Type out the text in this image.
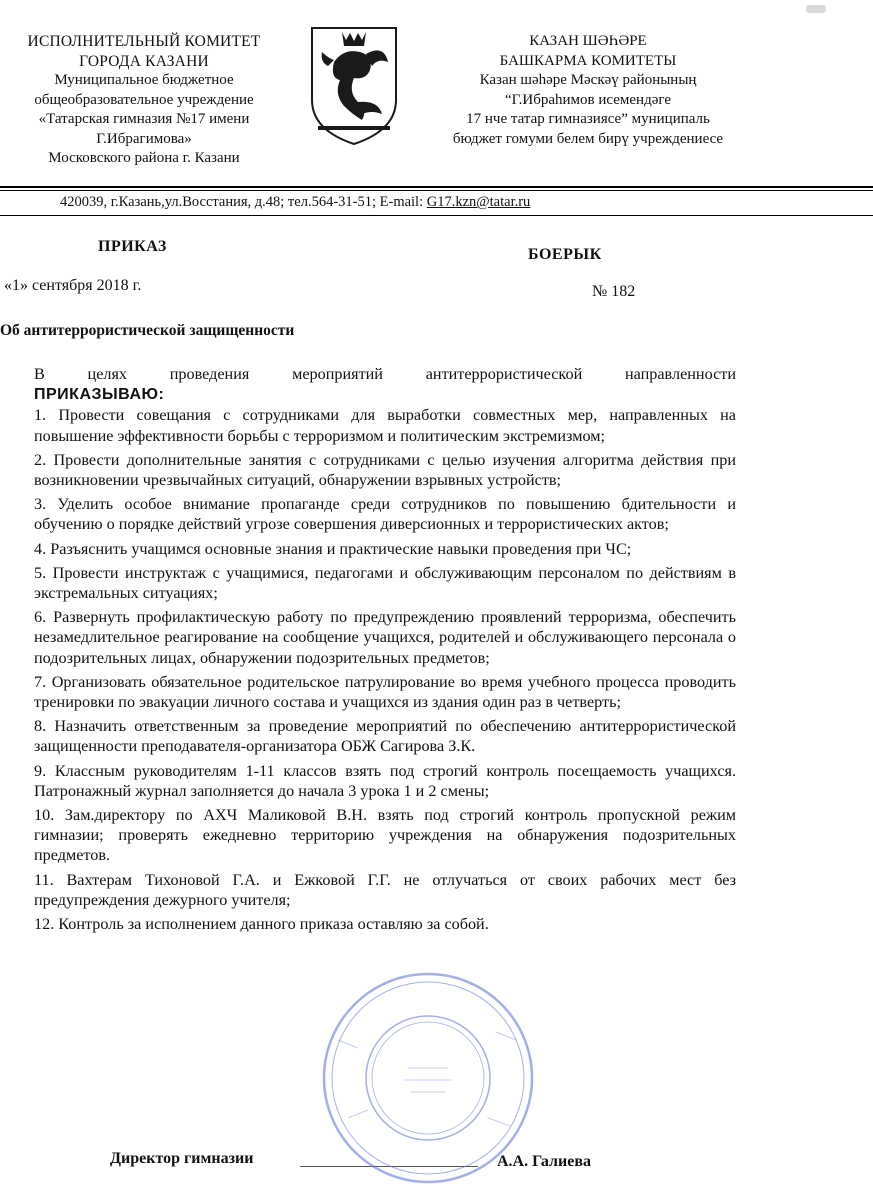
ИСПОЛНИТЕЛЬНЫЙ КОМИТЕТ
ГОРОДА КАЗАНИ
Муниципальное бюджетное
общеобразовательное учреждение
«Татарская гимназия №17 имени
Г.Ибрагимова»
Московского района г. Казани
КАЗАН ШӘҺӘРЕ
БАШКАРМА КОМИТЕТЫ
Казан шәһәре Мәскәү районының
“Г.Ибраһимов исемендәге
17 нче татар гимназиясе” муниципаль
бюджет гомуми белем бирү учреждениесе
420039, г.Казань,ул.Восстания, д.48; тел.564-31-51; E-mail: G17.kzn@tatar.ru
ПРИКАЗ	БОЕРЫК
«1» сентября 2018 г.	№ 182
Об антитеррористической защищенности

В целях проведения мероприятий антитеррористической направленности

ПРИКАЗЫВАЮ:

1. Провести совещания с сотрудниками для выработки совместных мер, направленных на повышение эффективности борьбы с терроризмом и политическим экстремизмом;

2. Провести дополнительные занятия с сотрудниками с целью изучения алгоритма действия при возникновении чрезвычайных ситуаций, обнаружении взрывных устройств;

3. Уделить особое внимание пропаганде среди сотрудников по повышению бдительности и обучению о порядке действий угрозе совершения диверсионных и террористических актов;

4. Разъяснить учащимся основные знания и практические навыки проведения при ЧС;

5. Провести инструктаж с учащимися, педагогами и обслуживающим персоналом по действиям в экстремальных ситуациях;

6. Развернуть профилактическую работу по предупреждению проявлений терроризма, обеспечить незамедлительное реагирование на сообщение учащихся, родителей и обслуживающего персонала о подозрительных лицах, обнаружении подозрительных предметов;

7. Организовать обязательное родительское патрулирование во время учебного процесса проводить тренировки по эвакуации личного состава и учащихся из здания один раз в четверть;

8. Назначить ответственным за проведение мероприятий по обеспечению антитеррористической защищенности преподавателя-организатора ОБЖ Сагирова З.К.

9. Классным руководителям 1-11 классов взять под строгий контроль посещаемость учащихся. Патронажный журнал заполняется до начала 3 урока 1 и 2 смены;

10. Зам.директору по АХЧ Маликовой В.Н. взять под строгий контроль пропускной режим гимназии; проверять ежедневно территорию учреждения на обнаружения подозрительных предметов.

11. Вахтерам Тихоновой Г.А. и Ежковой Г.Г. не отлучаться от своих рабочих мест без предупреждения дежурного учителя;

12. Контроль за исполнением данного приказа оставляю за собой.

Директор гимназии	А.А. Галиева
